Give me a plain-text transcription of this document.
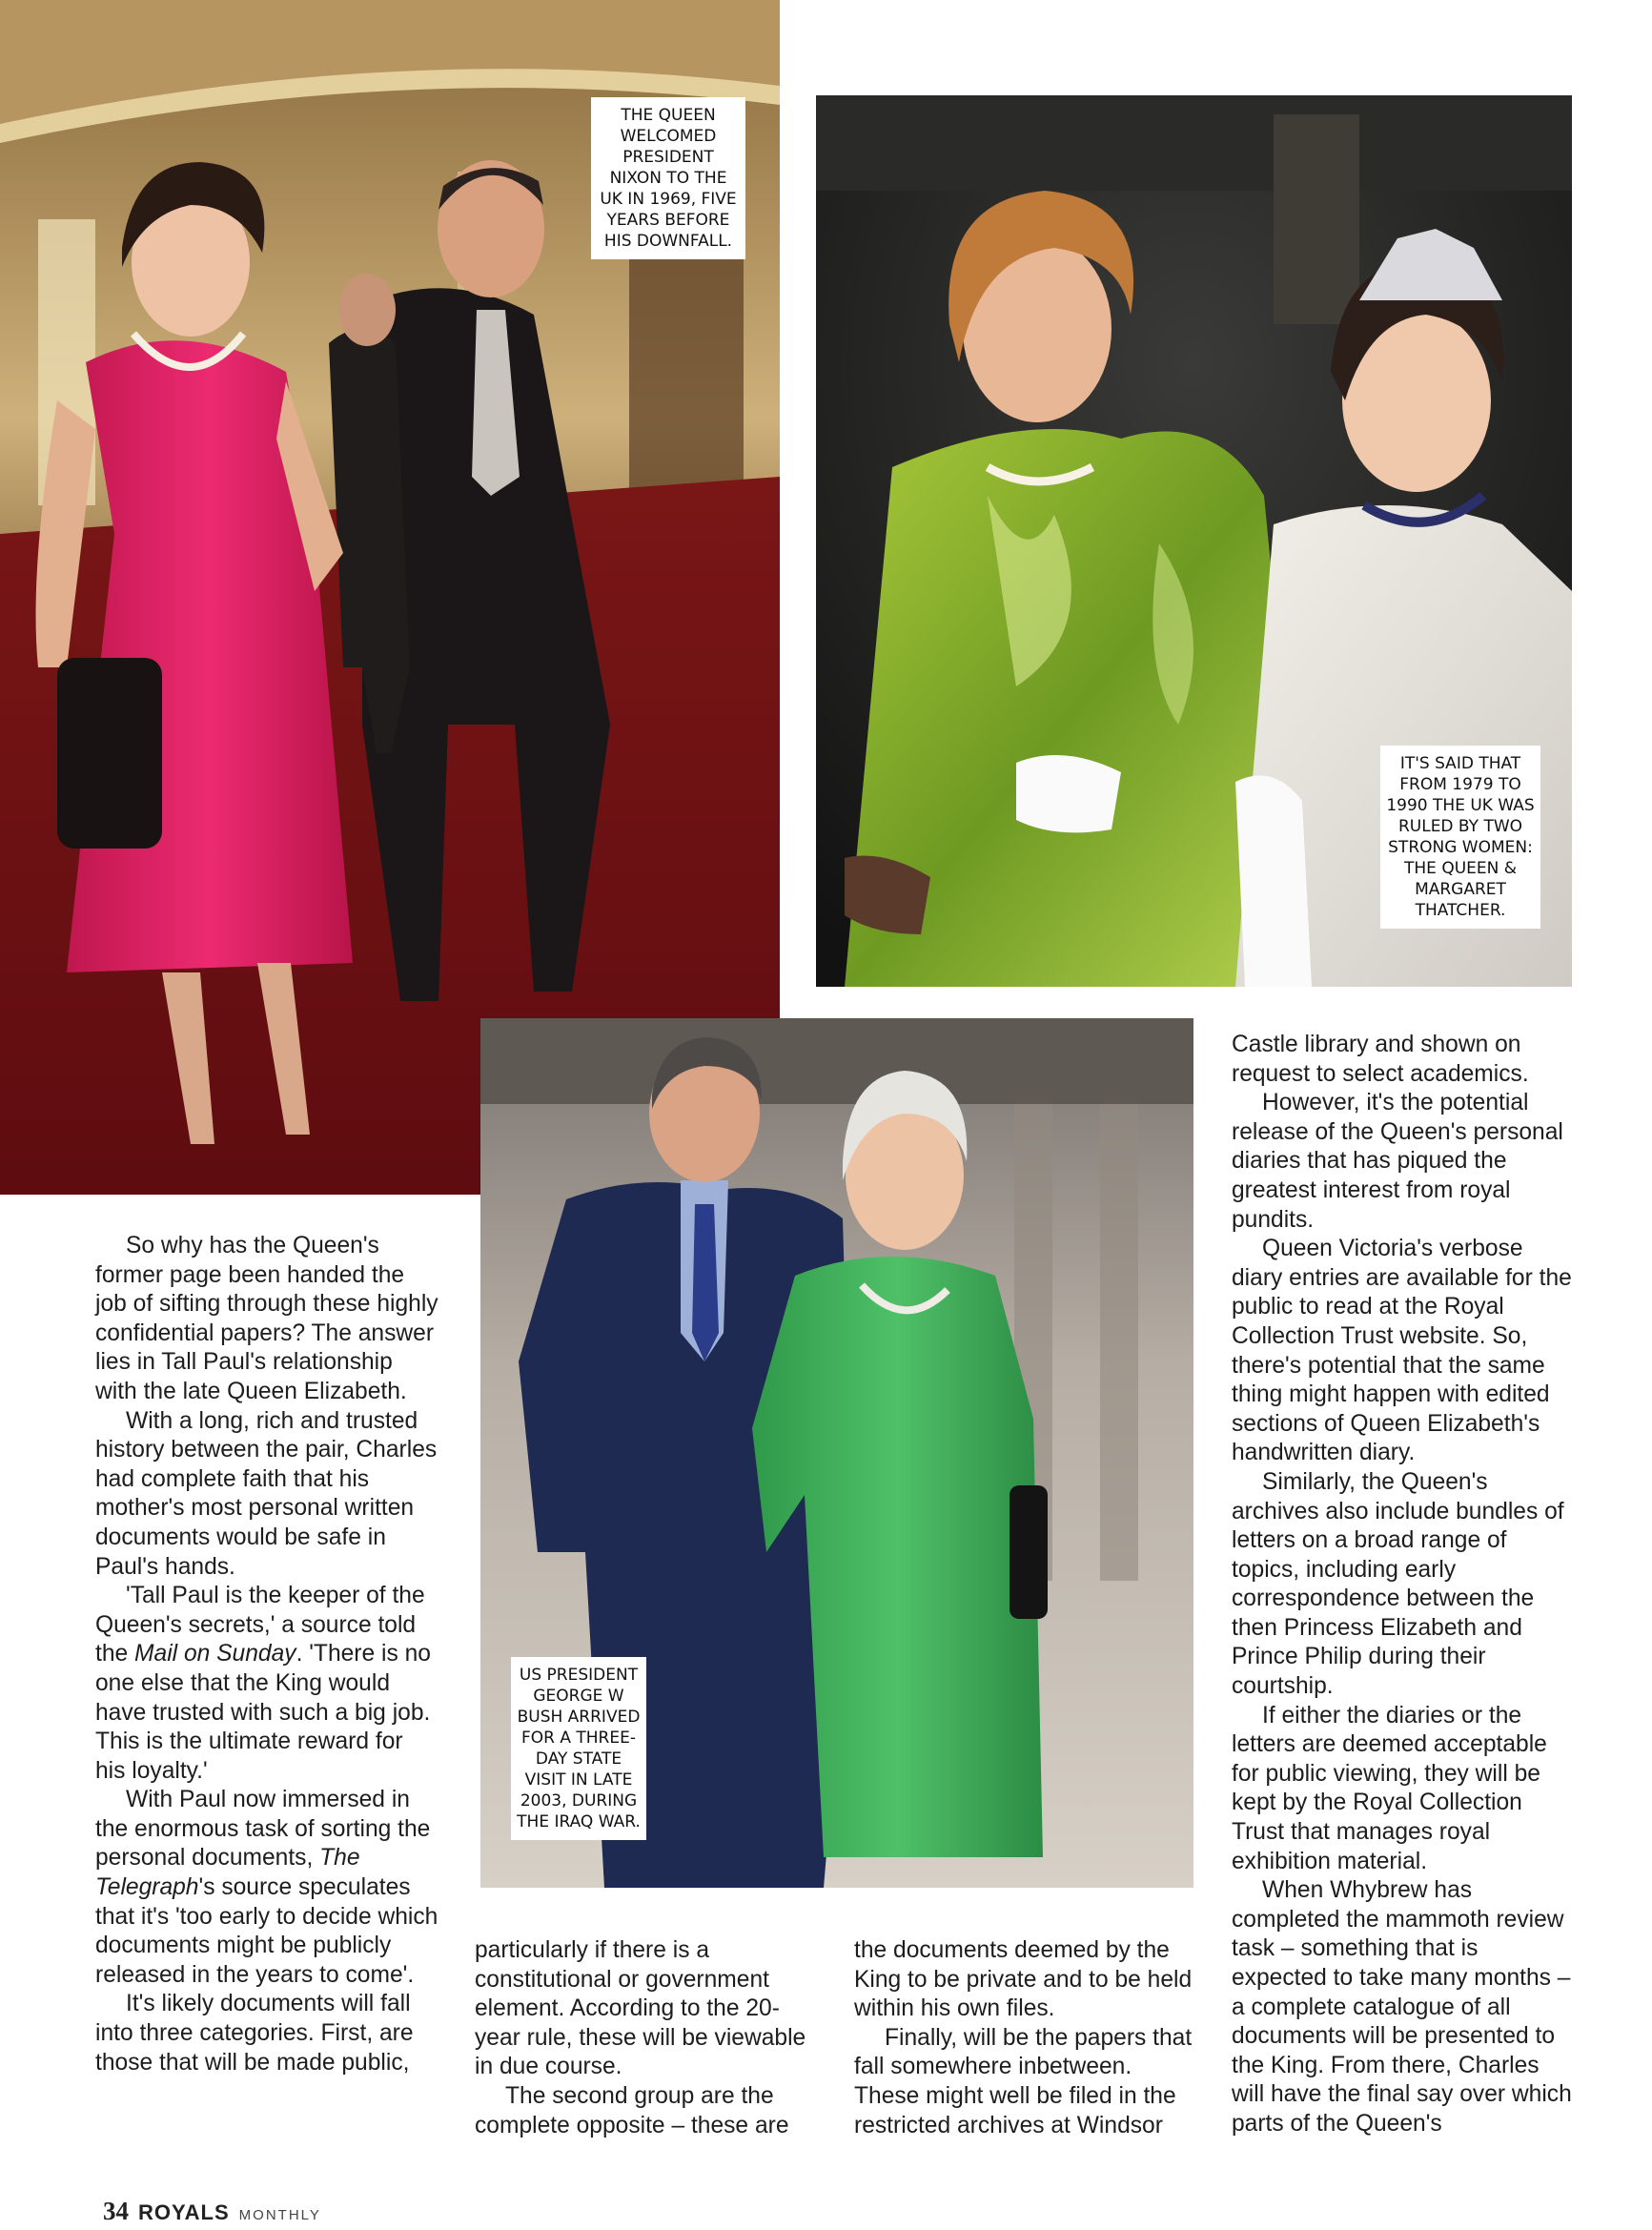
THE QUEEN WELCOMED PRESIDENT NIXON TO THE UK IN 1969, FIVE YEARS BEFORE HIS DOWNFALL.
IT'S SAID THAT FROM 1979 TO 1990 THE UK WAS RULED BY TWO STRONG WOMEN: THE QUEEN & MARGARET THATCHER.
US PRESIDENT GEORGE W BUSH ARRIVED FOR A THREE-DAY STATE VISIT IN LATE 2003, DURING THE IRAQ WAR.

So why has the Queen's former page been handed the job of sifting through these highly confidential papers? The answer lies in Tall Paul's relationship with the late Queen Elizabeth.

With a long, rich and trusted history between the pair, Charles had complete faith that his mother's most personal written documents would be safe in Paul's hands.

'Tall Paul is the keeper of the Queen's secrets,' a source told the Mail on Sunday. 'There is no one else that the King would have trusted with such a big job. This is the ultimate reward for his loyalty.'

With Paul now immersed in the enormous task of sorting the personal documents, The Telegraph's source speculates that it's 'too early to decide which documents might be publicly released in the years to come'.

It's likely documents will fall into three categories. First, are those that will be made public,

particularly if there is a constitutional or government element. According to the 20-year rule, these will be viewable in due course.

The second group are the complete opposite – these are

the documents deemed by the King to be private and to be held within his own files.

Finally, will be the papers that fall somewhere inbetween. These might well be filed in the restricted archives at Windsor

Castle library and shown on request to select academics.

However, it's the potential release of the Queen's personal diaries that has piqued the greatest interest from royal pundits.

Queen Victoria's verbose diary entries are available for the public to read at the Royal Collection Trust website. So, there's potential that the same thing might happen with edited sections of Queen Elizabeth's handwritten diary.

Similarly, the Queen's archives also include bundles of letters on a broad range of topics, including early correspondence between the then Princess Elizabeth and Prince Philip during their courtship.

If either the diaries or the letters are deemed acceptable for public viewing, they will be kept by the Royal Collection Trust that manages royal exhibition material.

When Whybrew has completed the mammoth review task – something that is expected to take many months – a complete catalogue of all documents will be presented to the King. From there, Charles will have the final say over which parts of the Queen's

34 ROYALS MONTHLY
